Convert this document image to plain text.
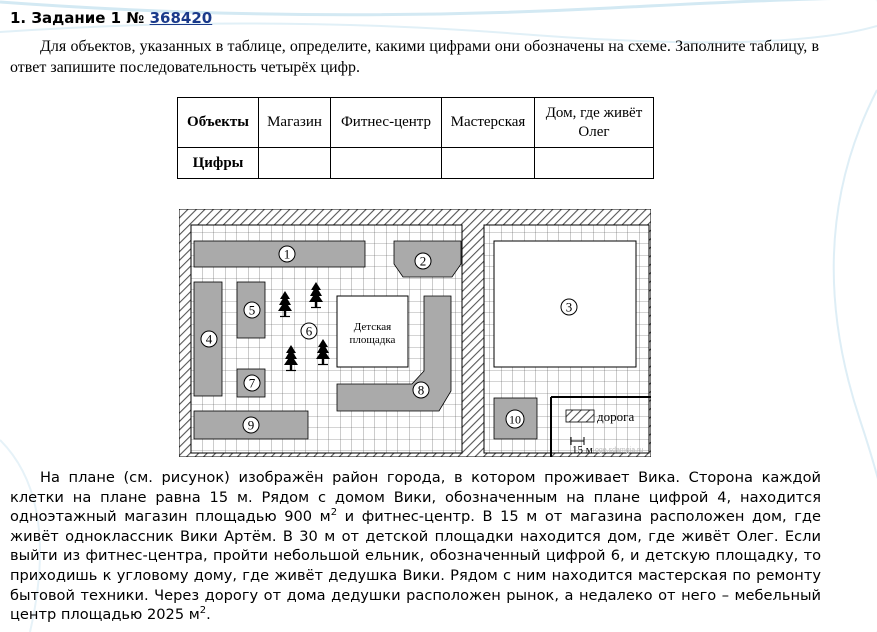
1. Задание 1 № 368420
Для объектов, указанных в таблице, определите, какими цифрами они обозначены на схеме. Заполните таблицу, в ответ запишите последовательность четырёх цифр.
Объекты	Магазин	Фитнес-центр	Мастерская	Дом, где живёт Олег
Цифры				
1	2
3
4
5
6	Детская
площадка
7	8
9	10	дорога
15 м oge.sdamgia.ru
На плане (см. рисунок) изображён район города, в котором проживает Вика. Сторона каждой клетки на плане равна 15 м. Рядом с домом Вики, обозначенным на плане цифрой 4, находится одноэтажный магазин площадью 900 $м^2$ и фитнес-центр. В 15 м от магазина расположен дом, где живёт одноклассник Вики Артём. В 30 м от детской площадки находится дом, где живёт Олег. Если выйти из фитнес-центра, пройти небольшой ельник, обозначенный цифрой 6, и детскую площадку, то приходишь к угловому дому, где живёт дедушка Вики. Рядом с ним находится мастерская по ремонту бытовой техники. Через дорогу от дома дедушки расположен рынок, а недалеко от него – мебельный центр площадью 2025 $м^2$.
